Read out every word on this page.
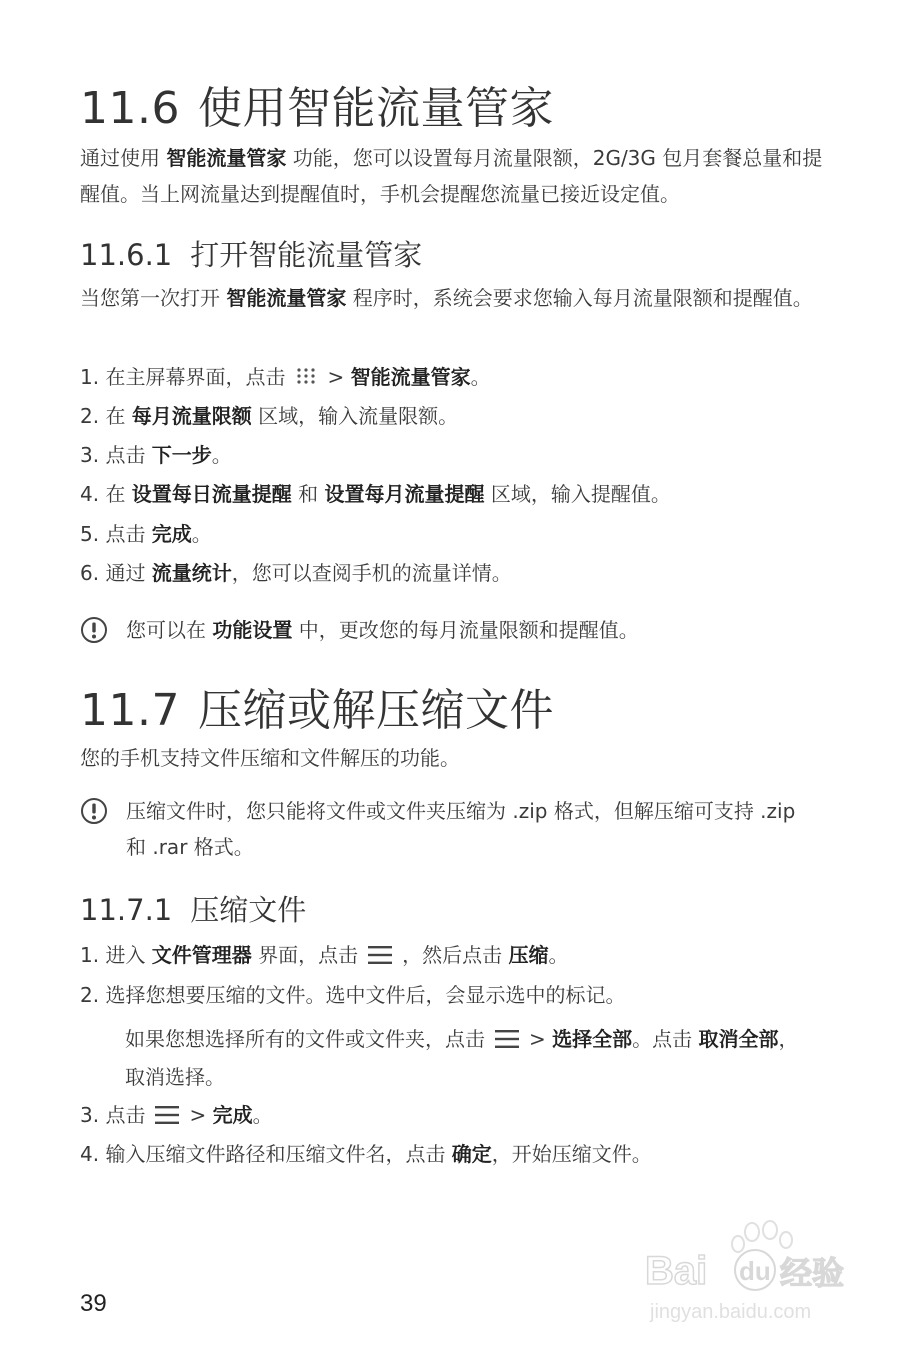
11.6 使用智能流量管家

通过使用 智能流量管家 功能，您可以设置每月流量限额，2G/3G 包月套餐总量和提醒值。当上网流量达到提醒值时，手机会提醒您流量已接近设定值。

11.6.1 打开智能流量管家

当您第一次打开 智能流量管家 程序时，系统会要求您输入每月流量限额和提醒值。

1. 在主屏幕界面，点击 > 智能流量管家。
2. 在 每月流量限额 区域，输入流量限额。
3. 点击 下一步。
4. 在 设置每日流量提醒 和 设置每月流量提醒 区域，输入提醒值。
5. 点击 完成。
6. 通过 流量统计，您可以查阅手机的流量详情。
您可以在 功能设置 中，更改您的每月流量限额和提醒值。
11.7 压缩或解压缩文件

您的手机支持文件压缩和文件解压的功能。

压缩文件时，您只能将文件或文件夹压缩为 .zip 格式，但解压缩可支持 .zip 和 .rar 格式。
11.7.1 压缩文件
1. 进入 文件管理器 界面，点击 ，然后点击 压缩。
2. 选择您想要压缩的文件。选中文件后，会显示选中的标记。

如果您想选择所有的文件或文件夹，点击 > 选择全部。点击 取消全部，取消选择。

3. 点击 > 完成。
4. 输入压缩文件路径和压缩文件名，点击 确定，开始压缩文件。
39
Bai du 经验
jingyan.baidu.com
